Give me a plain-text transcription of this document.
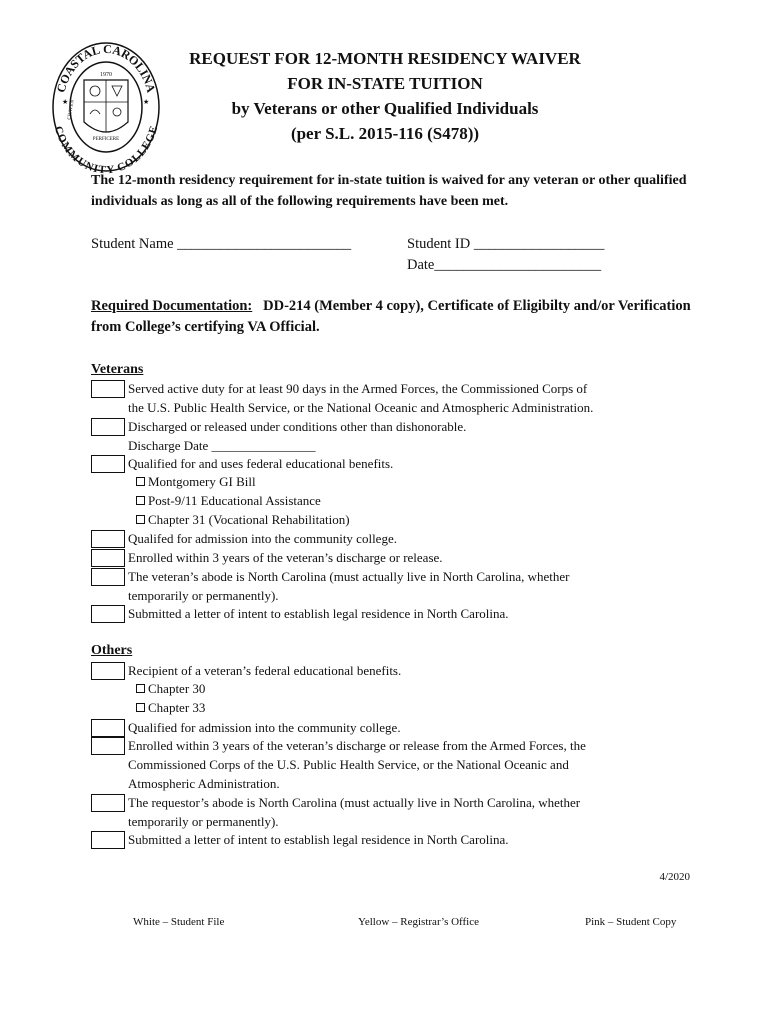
COASTAL CAROLINA
COMMUNITY COLLEGE
1970
PERFICERE
CRAVEN
★	★
REQUEST FOR 12-MONTH RESIDENCY WAIVER
FOR IN-STATE TUITION
by Veterans or other Qualified Individuals
(per S.L. 2015-116 (S478))
The 12-month residency requirement for in-state tuition is waived for any veteran or other qualified individuals as long as all of the following requirements have been met.
Student Name ________________________	Student ID __________________
Date_______________________
Required Documentation: DD-214 (Member 4 copy), Certificate of Eligibilty and/or Verification from College’s certifying VA Official.
Veterans
Served active duty for at least 90 days in the Armed Forces, the Commissioned Corps of
the U.S. Public Health Service, or the National Oceanic and Atmospheric Administration.
Discharged or released under conditions other than dishonorable.
Discharge Date ________________
Qualified for and uses federal educational benefits.
Montgomery GI Bill
Post-9/11 Educational Assistance
Chapter 31 (Vocational Rehabilitation)
Qualifed for admission into the community college.
Enrolled within 3 years of the veteran’s discharge or release.
The veteran’s abode is North Carolina (must actually live in North Carolina, whether
temporarily or permanently).
Submitted a letter of intent to establish legal residence in North Carolina.
Others
Recipient of a veteran’s federal educational benefits.
Chapter 30
Chapter 33
Qualified for admission into the community college.
Enrolled within 3 years of the veteran’s discharge or release from the Armed Forces, the
Commissioned Corps of the U.S. Public Health Service, or the National Oceanic and
Atmospheric Administration.
The requestor’s abode is North Carolina (must actually live in North Carolina, whether
temporarily or permanently).
Submitted a letter of intent to establish legal residence in North Carolina.
4/2020
White – Student File	Yellow – Registrar’s Office	Pink – Student Copy
